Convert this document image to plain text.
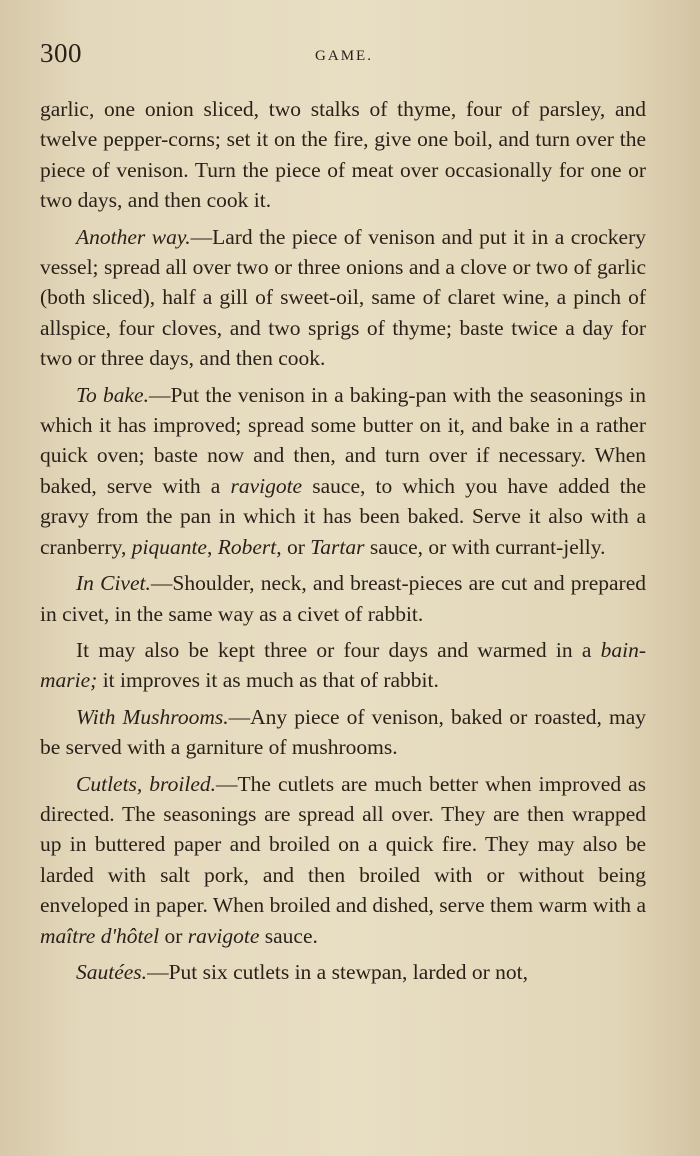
300	GAME.

garlic, one onion sliced, two stalks of thyme, four of parsley, and twelve pepper-corns; set it on the fire, give one boil, and turn over the piece of venison. Turn the piece of meat over occasionally for one or two days, and then cook it.

Another way.—Lard the piece of venison and put it in a crockery vessel; spread all over two or three onions and a clove or two of garlic (both sliced), half a gill of sweet-oil, same of claret wine, a pinch of allspice, four cloves, and two sprigs of thyme; baste twice a day for two or three days, and then cook.

To bake.—Put the venison in a baking-pan with the seasonings in which it has improved; spread some butter on it, and bake in a rather quick oven; baste now and then, and turn over if necessary. When baked, serve with a ravigote sauce, to which you have added the gravy from the pan in which it has been baked. Serve it also with a cranberry, piquante, Robert, or Tartar sauce, or with currant-jelly.

In Civet.—Shoulder, neck, and breast-pieces are cut and prepared in civet, in the same way as a civet of rabbit.

It may also be kept three or four days and warmed in a bain-marie; it improves it as much as that of rabbit.

With Mushrooms.—Any piece of venison, baked or roasted, may be served with a garniture of mushrooms.

Cutlets, broiled.—The cutlets are much better when improved as directed. The seasonings are spread all over. They are then wrapped up in buttered paper and broiled on a quick fire. They may also be larded with salt pork, and then broiled with or without being enveloped in paper. When broiled and dished, serve them warm with a maître d'hôtel or ravigote sauce.

Sautées.—Put six cutlets in a stewpan, larded or not,
